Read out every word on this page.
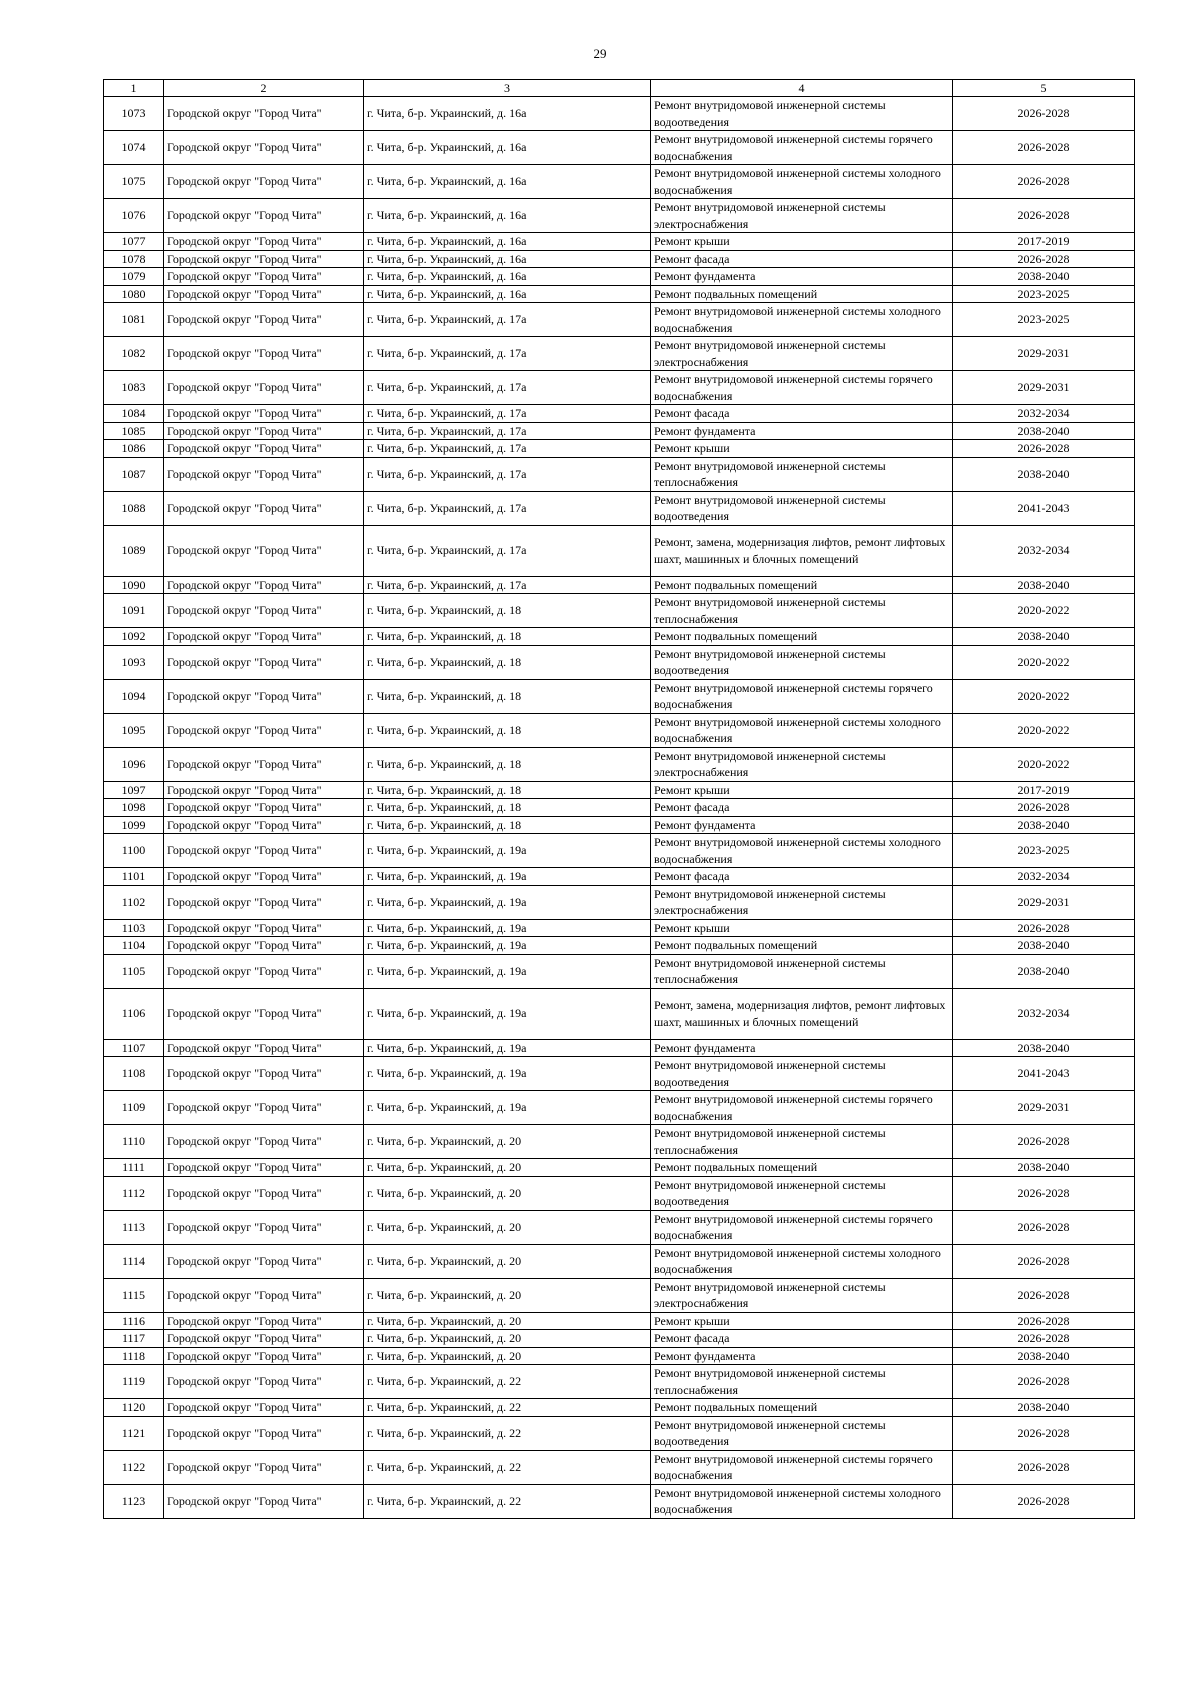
29
1	2	3	4	5
1073	Городской округ "Город Чита"	г. Чита, б-р. Украинский, д. 16а	Ремонт внутридомовой инженерной системы водоотведения	2026-2028
1074	Городской округ "Город Чита"	г. Чита, б-р. Украинский, д. 16а	Ремонт внутридомовой инженерной системы горячего водоснабжения	2026-2028
1075	Городской округ "Город Чита"	г. Чита, б-р. Украинский, д. 16а	Ремонт внутридомовой инженерной системы холодного водоснабжения	2026-2028
1076	Городской округ "Город Чита"	г. Чита, б-р. Украинский, д. 16а	Ремонт внутридомовой инженерной системы электроснабжения	2026-2028
1077	Городской округ "Город Чита"	г. Чита, б-р. Украинский, д. 16а	Ремонт крыши	2017-2019
1078	Городской округ "Город Чита"	г. Чита, б-р. Украинский, д. 16а	Ремонт фасада	2026-2028
1079	Городской округ "Город Чита"	г. Чита, б-р. Украинский, д. 16а	Ремонт фундамента	2038-2040
1080	Городской округ "Город Чита"	г. Чита, б-р. Украинский, д. 16а	Ремонт подвальных помещений	2023-2025
1081	Городской округ "Город Чита"	г. Чита, б-р. Украинский, д. 17а	Ремонт внутридомовой инженерной системы холодного водоснабжения	2023-2025
1082	Городской округ "Город Чита"	г. Чита, б-р. Украинский, д. 17а	Ремонт внутридомовой инженерной системы электроснабжения	2029-2031
1083	Городской округ "Город Чита"	г. Чита, б-р. Украинский, д. 17а	Ремонт внутридомовой инженерной системы горячего водоснабжения	2029-2031
1084	Городской округ "Город Чита"	г. Чита, б-р. Украинский, д. 17а	Ремонт фасада	2032-2034
1085	Городской округ "Город Чита"	г. Чита, б-р. Украинский, д. 17а	Ремонт фундамента	2038-2040
1086	Городской округ "Город Чита"	г. Чита, б-р. Украинский, д. 17а	Ремонт крыши	2026-2028
1087	Городской округ "Город Чита"	г. Чита, б-р. Украинский, д. 17а	Ремонт внутридомовой инженерной системы теплоснабжения	2038-2040
1088	Городской округ "Город Чита"	г. Чита, б-р. Украинский, д. 17а	Ремонт внутридомовой инженерной системы водоотведения	2041-2043
1089	Городской округ "Город Чита"	г. Чита, б-р. Украинский, д. 17а	Ремонт, замена, модернизация лифтов, ремонт лифтовых шахт, машинных и блочных помещений	2032-2034
1090	Городской округ "Город Чита"	г. Чита, б-р. Украинский, д. 17а	Ремонт подвальных помещений	2038-2040
1091	Городской округ "Город Чита"	г. Чита, б-р. Украинский, д. 18	Ремонт внутридомовой инженерной системы теплоснабжения	2020-2022
1092	Городской округ "Город Чита"	г. Чита, б-р. Украинский, д. 18	Ремонт подвальных помещений	2038-2040
1093	Городской округ "Город Чита"	г. Чита, б-р. Украинский, д. 18	Ремонт внутридомовой инженерной системы водоотведения	2020-2022
1094	Городской округ "Город Чита"	г. Чита, б-р. Украинский, д. 18	Ремонт внутридомовой инженерной системы горячего водоснабжения	2020-2022
1095	Городской округ "Город Чита"	г. Чита, б-р. Украинский, д. 18	Ремонт внутридомовой инженерной системы холодного водоснабжения	2020-2022
1096	Городской округ "Город Чита"	г. Чита, б-р. Украинский, д. 18	Ремонт внутридомовой инженерной системы электроснабжения	2020-2022
1097	Городской округ "Город Чита"	г. Чита, б-р. Украинский, д. 18	Ремонт крыши	2017-2019
1098	Городской округ "Город Чита"	г. Чита, б-р. Украинский, д. 18	Ремонт фасада	2026-2028
1099	Городской округ "Город Чита"	г. Чита, б-р. Украинский, д. 18	Ремонт фундамента	2038-2040
1100	Городской округ "Город Чита"	г. Чита, б-р. Украинский, д. 19а	Ремонт внутридомовой инженерной системы холодного водоснабжения	2023-2025
1101	Городской округ "Город Чита"	г. Чита, б-р. Украинский, д. 19а	Ремонт фасада	2032-2034
1102	Городской округ "Город Чита"	г. Чита, б-р. Украинский, д. 19а	Ремонт внутридомовой инженерной системы электроснабжения	2029-2031
1103	Городской округ "Город Чита"	г. Чита, б-р. Украинский, д. 19а	Ремонт крыши	2026-2028
1104	Городской округ "Город Чита"	г. Чита, б-р. Украинский, д. 19а	Ремонт подвальных помещений	2038-2040
1105	Городской округ "Город Чита"	г. Чита, б-р. Украинский, д. 19а	Ремонт внутридомовой инженерной системы теплоснабжения	2038-2040
1106	Городской округ "Город Чита"	г. Чита, б-р. Украинский, д. 19а	Ремонт, замена, модернизация лифтов, ремонт лифтовых шахт, машинных и блочных помещений	2032-2034
1107	Городской округ "Город Чита"	г. Чита, б-р. Украинский, д. 19а	Ремонт фундамента	2038-2040
1108	Городской округ "Город Чита"	г. Чита, б-р. Украинский, д. 19а	Ремонт внутридомовой инженерной системы водоотведения	2041-2043
1109	Городской округ "Город Чита"	г. Чита, б-р. Украинский, д. 19а	Ремонт внутридомовой инженерной системы горячего водоснабжения	2029-2031
1110	Городской округ "Город Чита"	г. Чита, б-р. Украинский, д. 20	Ремонт внутридомовой инженерной системы теплоснабжения	2026-2028
1111	Городской округ "Город Чита"	г. Чита, б-р. Украинский, д. 20	Ремонт подвальных помещений	2038-2040
1112	Городской округ "Город Чита"	г. Чита, б-р. Украинский, д. 20	Ремонт внутридомовой инженерной системы водоотведения	2026-2028
1113	Городской округ "Город Чита"	г. Чита, б-р. Украинский, д. 20	Ремонт внутридомовой инженерной системы горячего водоснабжения	2026-2028
1114	Городской округ "Город Чита"	г. Чита, б-р. Украинский, д. 20	Ремонт внутридомовой инженерной системы холодного водоснабжения	2026-2028
1115	Городской округ "Город Чита"	г. Чита, б-р. Украинский, д. 20	Ремонт внутридомовой инженерной системы электроснабжения	2026-2028
1116	Городской округ "Город Чита"	г. Чита, б-р. Украинский, д. 20	Ремонт крыши	2026-2028
1117	Городской округ "Город Чита"	г. Чита, б-р. Украинский, д. 20	Ремонт фасада	2026-2028
1118	Городской округ "Город Чита"	г. Чита, б-р. Украинский, д. 20	Ремонт фундамента	2038-2040
1119	Городской округ "Город Чита"	г. Чита, б-р. Украинский, д. 22	Ремонт внутридомовой инженерной системы теплоснабжения	2026-2028
1120	Городской округ "Город Чита"	г. Чита, б-р. Украинский, д. 22	Ремонт подвальных помещений	2038-2040
1121	Городской округ "Город Чита"	г. Чита, б-р. Украинский, д. 22	Ремонт внутридомовой инженерной системы водоотведения	2026-2028
1122	Городской округ "Город Чита"	г. Чита, б-р. Украинский, д. 22	Ремонт внутридомовой инженерной системы горячего водоснабжения	2026-2028
1123	Городской округ "Город Чита"	г. Чита, б-р. Украинский, д. 22	Ремонт внутридомовой инженерной системы холодного водоснабжения	2026-2028
